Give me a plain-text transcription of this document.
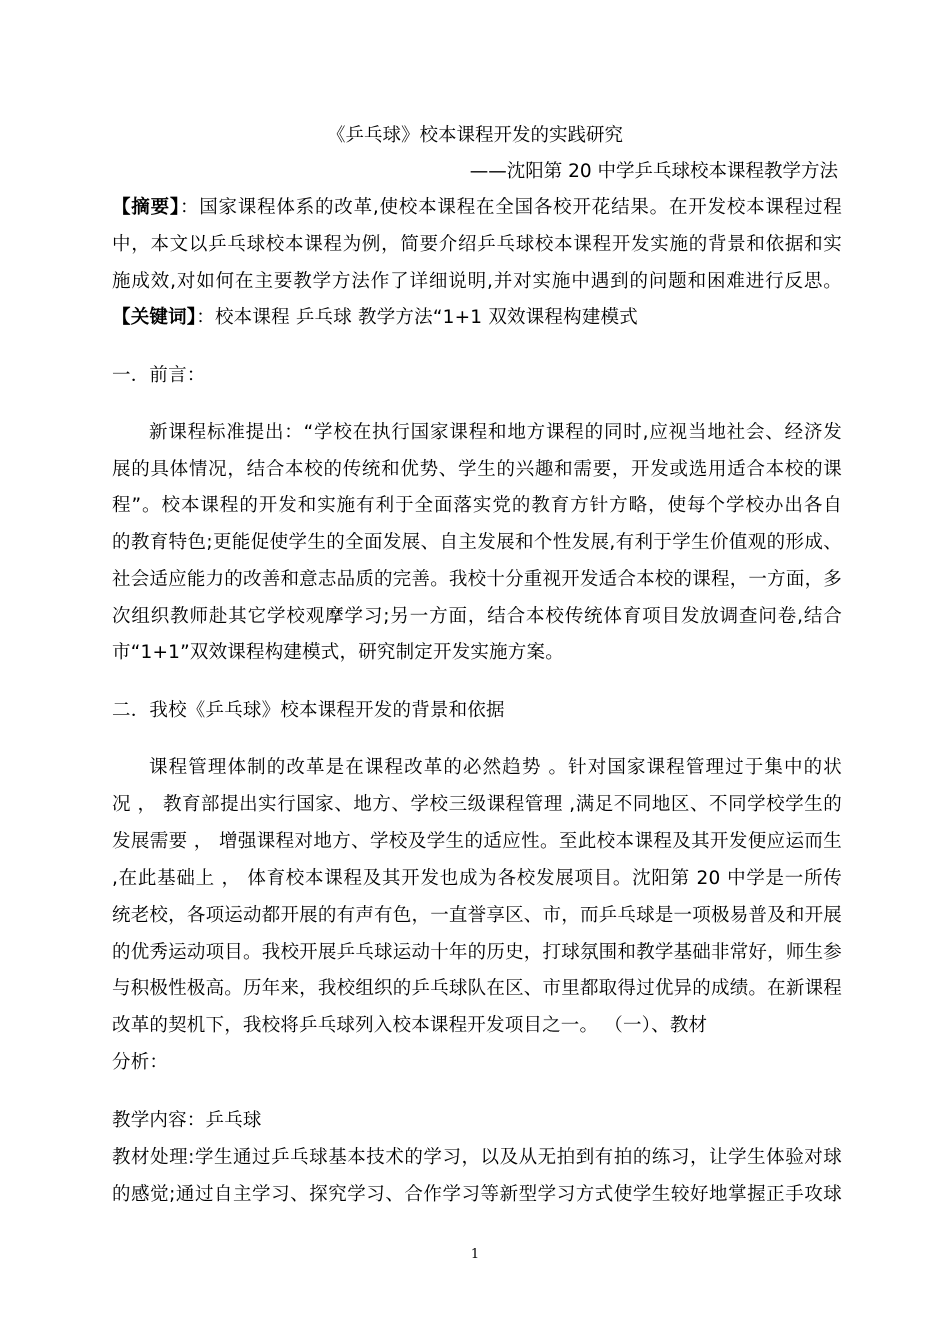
《乒乓球》校本课程开发的实践研究
——沈阳第 20 中学乒乓球校本课程教学方法
【摘要】：国家课程体系的改革,使校本课程在全国各校开花结果。在开发校本课程过程
中，本文以乒乓球校本课程为例，简要介绍乒乓球校本课程开发实施的背景和依据和实
施成效,对如何在主要教学方法作了详细说明,并对实施中遇到的问题和困难进行反思。
【关键词】：校本课程 乒乓球 教学方法“1+1 双效课程构建模式
一．前言：
新课程标准提出：“学校在执行国家课程和地方课程的同时,应视当地社会、经济发
展的具体情况，结合本校的传统和优势、学生的兴趣和需要，开发或选用适合本校的课
程”。校本课程的开发和实施有利于全面落实党的教育方针方略，使每个学校办出各自
的教育特色;更能促使学生的全面发展、自主发展和个性发展,有利于学生价值观的形成、
社会适应能力的改善和意志品质的完善。我校十分重视开发适合本校的课程，一方面，多
次组织教师赴其它学校观摩学习;另一方面，结合本校传统体育项目发放调查问卷,结合
市“1+1”双效课程构建模式，研究制定开发实施方案。
二．我校《乒乓球》校本课程开发的背景和依据
课程管理体制的改革是在课程改革的必然趋势 。针对国家课程管理过于集中的状
况 ， 教育部提出实行国家、地方、学校三级课程管理 ,满足不同地区、不同学校学生的
发展需要 ， 增强课程对地方、学校及学生的适应性。至此校本课程及其开发便应运而生
,在此基础上 ， 体育校本课程及其开发也成为各校发展项目。沈阳第 20 中学是一所传
统老校，各项运动都开展的有声有色，一直誉享区、市，而乒乓球是一项极易普及和开展
的优秀运动项目。我校开展乒乓球运动十年的历史，打球氛围和教学基础非常好，师生参
与积极性极高。历年来，我校组织的乒乓球队在区、市里都取得过优异的成绩。在新课程
改革的契机下，我校将乒乓球列入校本课程开发项目之一。 （一）、教材
分析：
教学内容：乒乓球
教材处理:学生通过乒乓球基本技术的学习，以及从无拍到有拍的练习，让学生体验对球
的感觉;通过自主学习、探究学习、合作学习等新型学习方式使学生较好地掌握正手攻球
1
